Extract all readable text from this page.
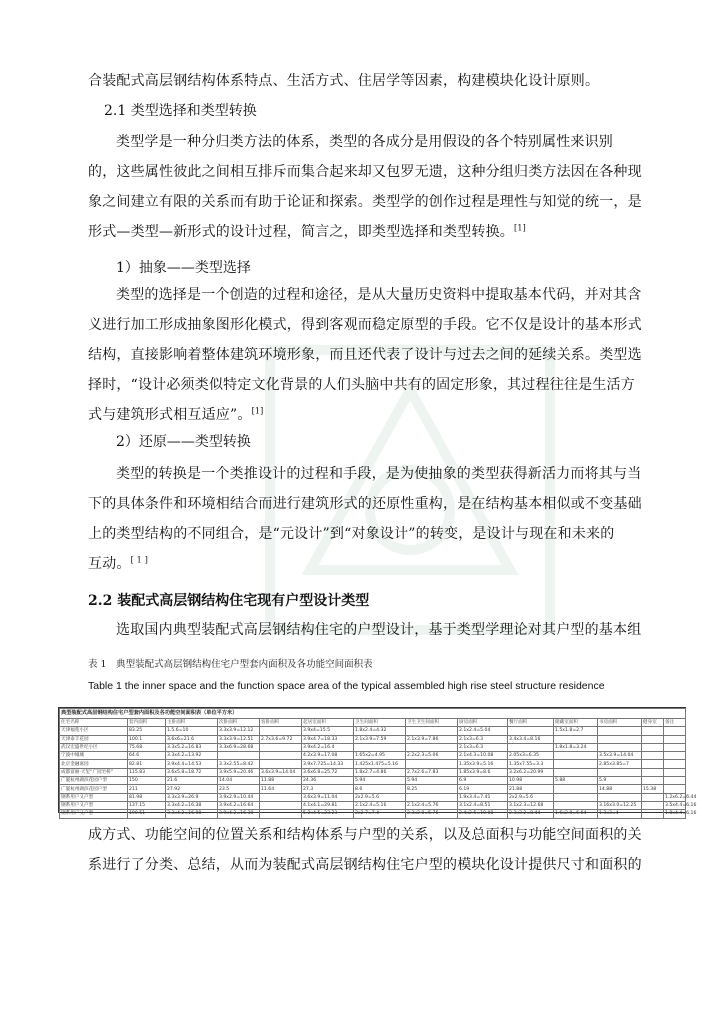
合装配式高层钢结构体系特点、生活方式、住居学等因素，构建模块化设计原则。
2.1 类型选择和类型转换
类型学是一种分归类方法的体系，类型的各成分是用假设的各个特别属性来识别
的，这些属性彼此之间相互排斥而集合起来却又包罗无遗，这种分组归类方法因在各种现
象之间建立有限的关系而有助于论证和探索。类型学的创作过程是理性与知觉的统一，是
形式—类型—新形式的设计过程，简言之，即类型选择和类型转换。[1]
1）抽象——类型选择
类型的选择是一个创造的过程和途径，是从大量历史资料中提取基本代码，并对其含
义进行加工形成抽象图形化模式，得到客观而稳定原型的手段。它不仅是设计的基本形式
结构，直接影响着整体建筑环境形象，而且还代表了设计与过去之间的延续关系。类型选
择时，“设计必须类似特定文化背景的人们头脑中共有的固定形象，其过程往往是生活方
式与建筑形式相互适应”。[1]
2）还原——类型转换
类型的转换是一个类推设计的过程和手段，是为使抽象的类型获得新活力而将其与当
下的具体条件和环境相结合而进行建筑形式的还原性重构，是在结构基本相似或不变基础
上的类型结构的不同组合，是“元设计”到“对象设计”的转变，是设计与现在和未来的
互动。[ 1 ]
2.2 装配式高层钢结构住宅现有户型设计类型
选取国内典型装配式高层钢结构住宅的户型设计，基于类型学理论对其户型的基本组
表 1　典型装配式高层钢结构住宅户型套内面积及各功能空间面积表
Table 1 the inner space and the function space area of the typical assembled high rise steel structure residence
典型装配式高层钢结构住宅户型套内面积及各功能空间面积表（单位平方米）													
住宅名称	套内面积	主卧面积	次卧面积	客卧面积	起居室面积	卫生间面积	卫生卫生间面积	厨房面积	餐厅面积	储藏室面积	书房面积	健身室	备注
天津福苑小区	83.25	1.5.6=10	3.3x3.9=12.12		3.9x4=15.5	1.8x2.4=4.32		2.1x2.4=5.04		1.5x1.8=2.7			
天津泰丰花园	100.1	3.6x6=21.6	3.3x3.9=12.51	2.7x3.6=9.72	3.9x4.7=18.33	2.1x3.9=7.59	2.1x3.9=7.86	2.1x3=6.3	3.4x3.4=8.16				
武汉宏盛世纪小区	75.68	3.3x5.2=16.83	3.3x6.9=28.68		3.9x4.2=16.4			2.1x3=6.3		1.8x1.8=3.24			
宁波中城城	64.6	3.3x4.2=13.92			4.2x3.9=17.08	1.65x2=4.95	2.2x2.3=5.06	2.1x4.3=10.08	2.05x3=6.35		3.5x3.9=14.04		
北京金融嘉园	82.81	3.9x4.4=14.53	3.3x2.55=8.42		3.9x7.725=14.33	1.425x1.475=5.16		1.35x3.9=5.16	1.35x7.55=3.3		2.85x3.85=7		
成都富丽·天玺“广园宅桥”	115.83	3.6x5.8=18.72	3.9x5.9=20.46	3.6x3.9=14.04	3.6x6.8=25.72	1.8x2.7=4.86	2.7x2.6=7.83	1.85x3.9=8.6	3.2x6.2=20.99				
广厦杭州湖滨花园户型	150	21.6	14.04	11.88	24.36	5.94	5.94	6.9	10.98	5.88	5.9		
广厦杭州湖滨花园户型	211	27.92	23.5	11.64	27.3	8.6	8.25	6.19	21.88		14.88	15.38	
钢系用户又户型	81.98	3.3x3.9=26.9	3.9x2.9=10.44		3.6x3.9=11.04	2x2.9=5.6		1.9x3.4=7.41	2x2.9=5.6				1.2x6.2=6.44
钢系用户又户型	137.15	3.3x4.2=16.38	3.9x4.2=16.64		4.1x4.1=29.81	2.1x2.4=5.16	2.1x2.4=5.76	3.1x2.4=8.51	3.1x2.3=12.68		3.16x3.0=12.25		3.5x4.4=6.16
钢系用户又户型	190.51	3.3x4.2=16.08	3.9x4.2=16.38		5.2x4.5=23.23	2x2.7=7.4	2.3x2.8=5.76	2.4x2.5=10.08	2.3x3.2=8.44	1.6x2.8=6.64	1.3x3=4		1.8x4.4=6.16
成方式、功能空间的位置关系和结构体系与户型的关系，以及总面积与功能空间面积的关
系进行了分类、总结，从而为装配式高层钢结构住宅户型的模块化设计提供尺寸和面积的
